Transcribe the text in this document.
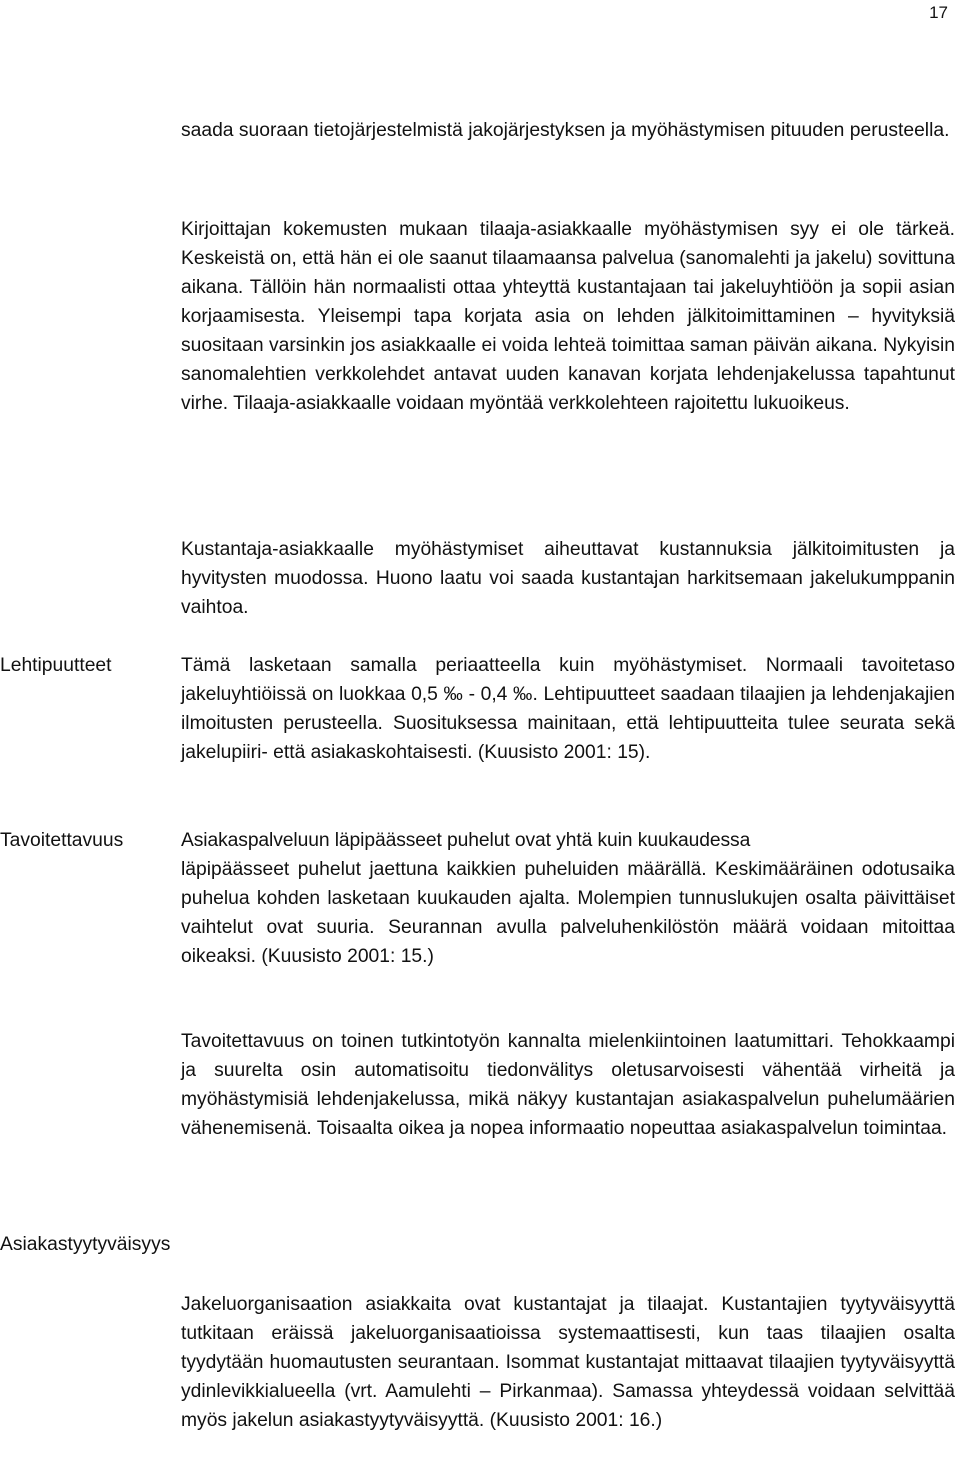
17

saada suoraan tietojärjestelmistä jakojärjestyksen ja myöhästymisen pituuden perusteella.

Kirjoittajan kokemusten mukaan tilaaja-asiakkaalle myöhästymisen syy ei ole tärkeä. Keskeistä on, että hän ei ole saanut tilaamaansa palvelua (sanomalehti ja jakelu) sovittuna aikana. Tällöin hän normaalisti ottaa yhteyttä kustantajaan tai jakeluyhtiöön ja sopii asian korjaamisesta. Yleisempi tapa korjata asia on lehden jälkitoimittaminen – hyvityksiä suositaan varsinkin jos asiakkaalle ei voida lehteä toimittaa saman päivän aikana. Nykyisin sanomalehtien verkkolehdet antavat uuden kanavan korjata lehdenjakelussa tapahtunut virhe. Tilaaja-asiakkaalle voidaan myöntää verkkolehteen rajoitettu lukuoikeus.

Kustantaja-asiakkaalle myöhästymiset aiheuttavat kustannuksia jälkitoimitusten ja hyvitysten muodossa. Huono laatu voi saada kustantajan harkitsemaan jakelukumppanin vaihtoa.

Lehtipuutteet	Tämä lasketaan samalla periaatteella kuin myöhästymiset. Normaali tavoitetaso jakeluyhtiöissä on luokkaa 0,5 ‰ - 0,4 ‰. Lehtipuutteet saadaan tilaajien ja lehdenjakajien ilmoitusten perusteella. Suosituksessa mainitaan, että lehtipuutteita tulee seurata sekä jakelupiiri- että asiakaskohtaisesti. (Kuusisto 2001: 15).

Tavoitettavuus	Asiakaspalveluun läpipäässeet puhelut ovat yhtä kuin kuukaudessa
läpipäässeet puhelut jaettuna kaikkien puheluiden määrällä. Keskimääräinen odotusaika puhelua kohden lasketaan kuukauden ajalta. Molempien tunnuslukujen osalta päivittäiset vaihtelut ovat suuria. Seurannan avulla palveluhenkilöstön määrä voidaan mitoittaa oikeaksi. (Kuusisto 2001: 15.)

Tavoitettavuus on toinen tutkintotyön kannalta mielenkiintoinen laatumittari. Tehokkaampi ja suurelta osin automatisoitu tiedonvälitys oletusarvoisesti vähentää virheitä ja myöhästymisiä lehdenjakelussa, mikä näkyy kustantajan asiakaspalvelun puhelumäärien vähenemisenä. Toisaalta oikea ja nopea informaatio nopeuttaa asiakaspalvelun toimintaa.

Asiakastyytyväisyys

Jakeluorganisaation asiakkaita ovat kustantajat ja tilaajat. Kustantajien tyytyväisyyttä tutkitaan eräissä jakeluorganisaatioissa systemaattisesti, kun taas tilaajien osalta tyydytään huomautusten seurantaan. Isommat kustantajat mittaavat tilaajien tyytyväisyyttä ydinlevikkialueella (vrt. Aamulehti – Pirkanmaa). Samassa yhteydessä voidaan selvittää myös jakelun asiakastyytyväisyyttä. (Kuusisto 2001: 16.)
